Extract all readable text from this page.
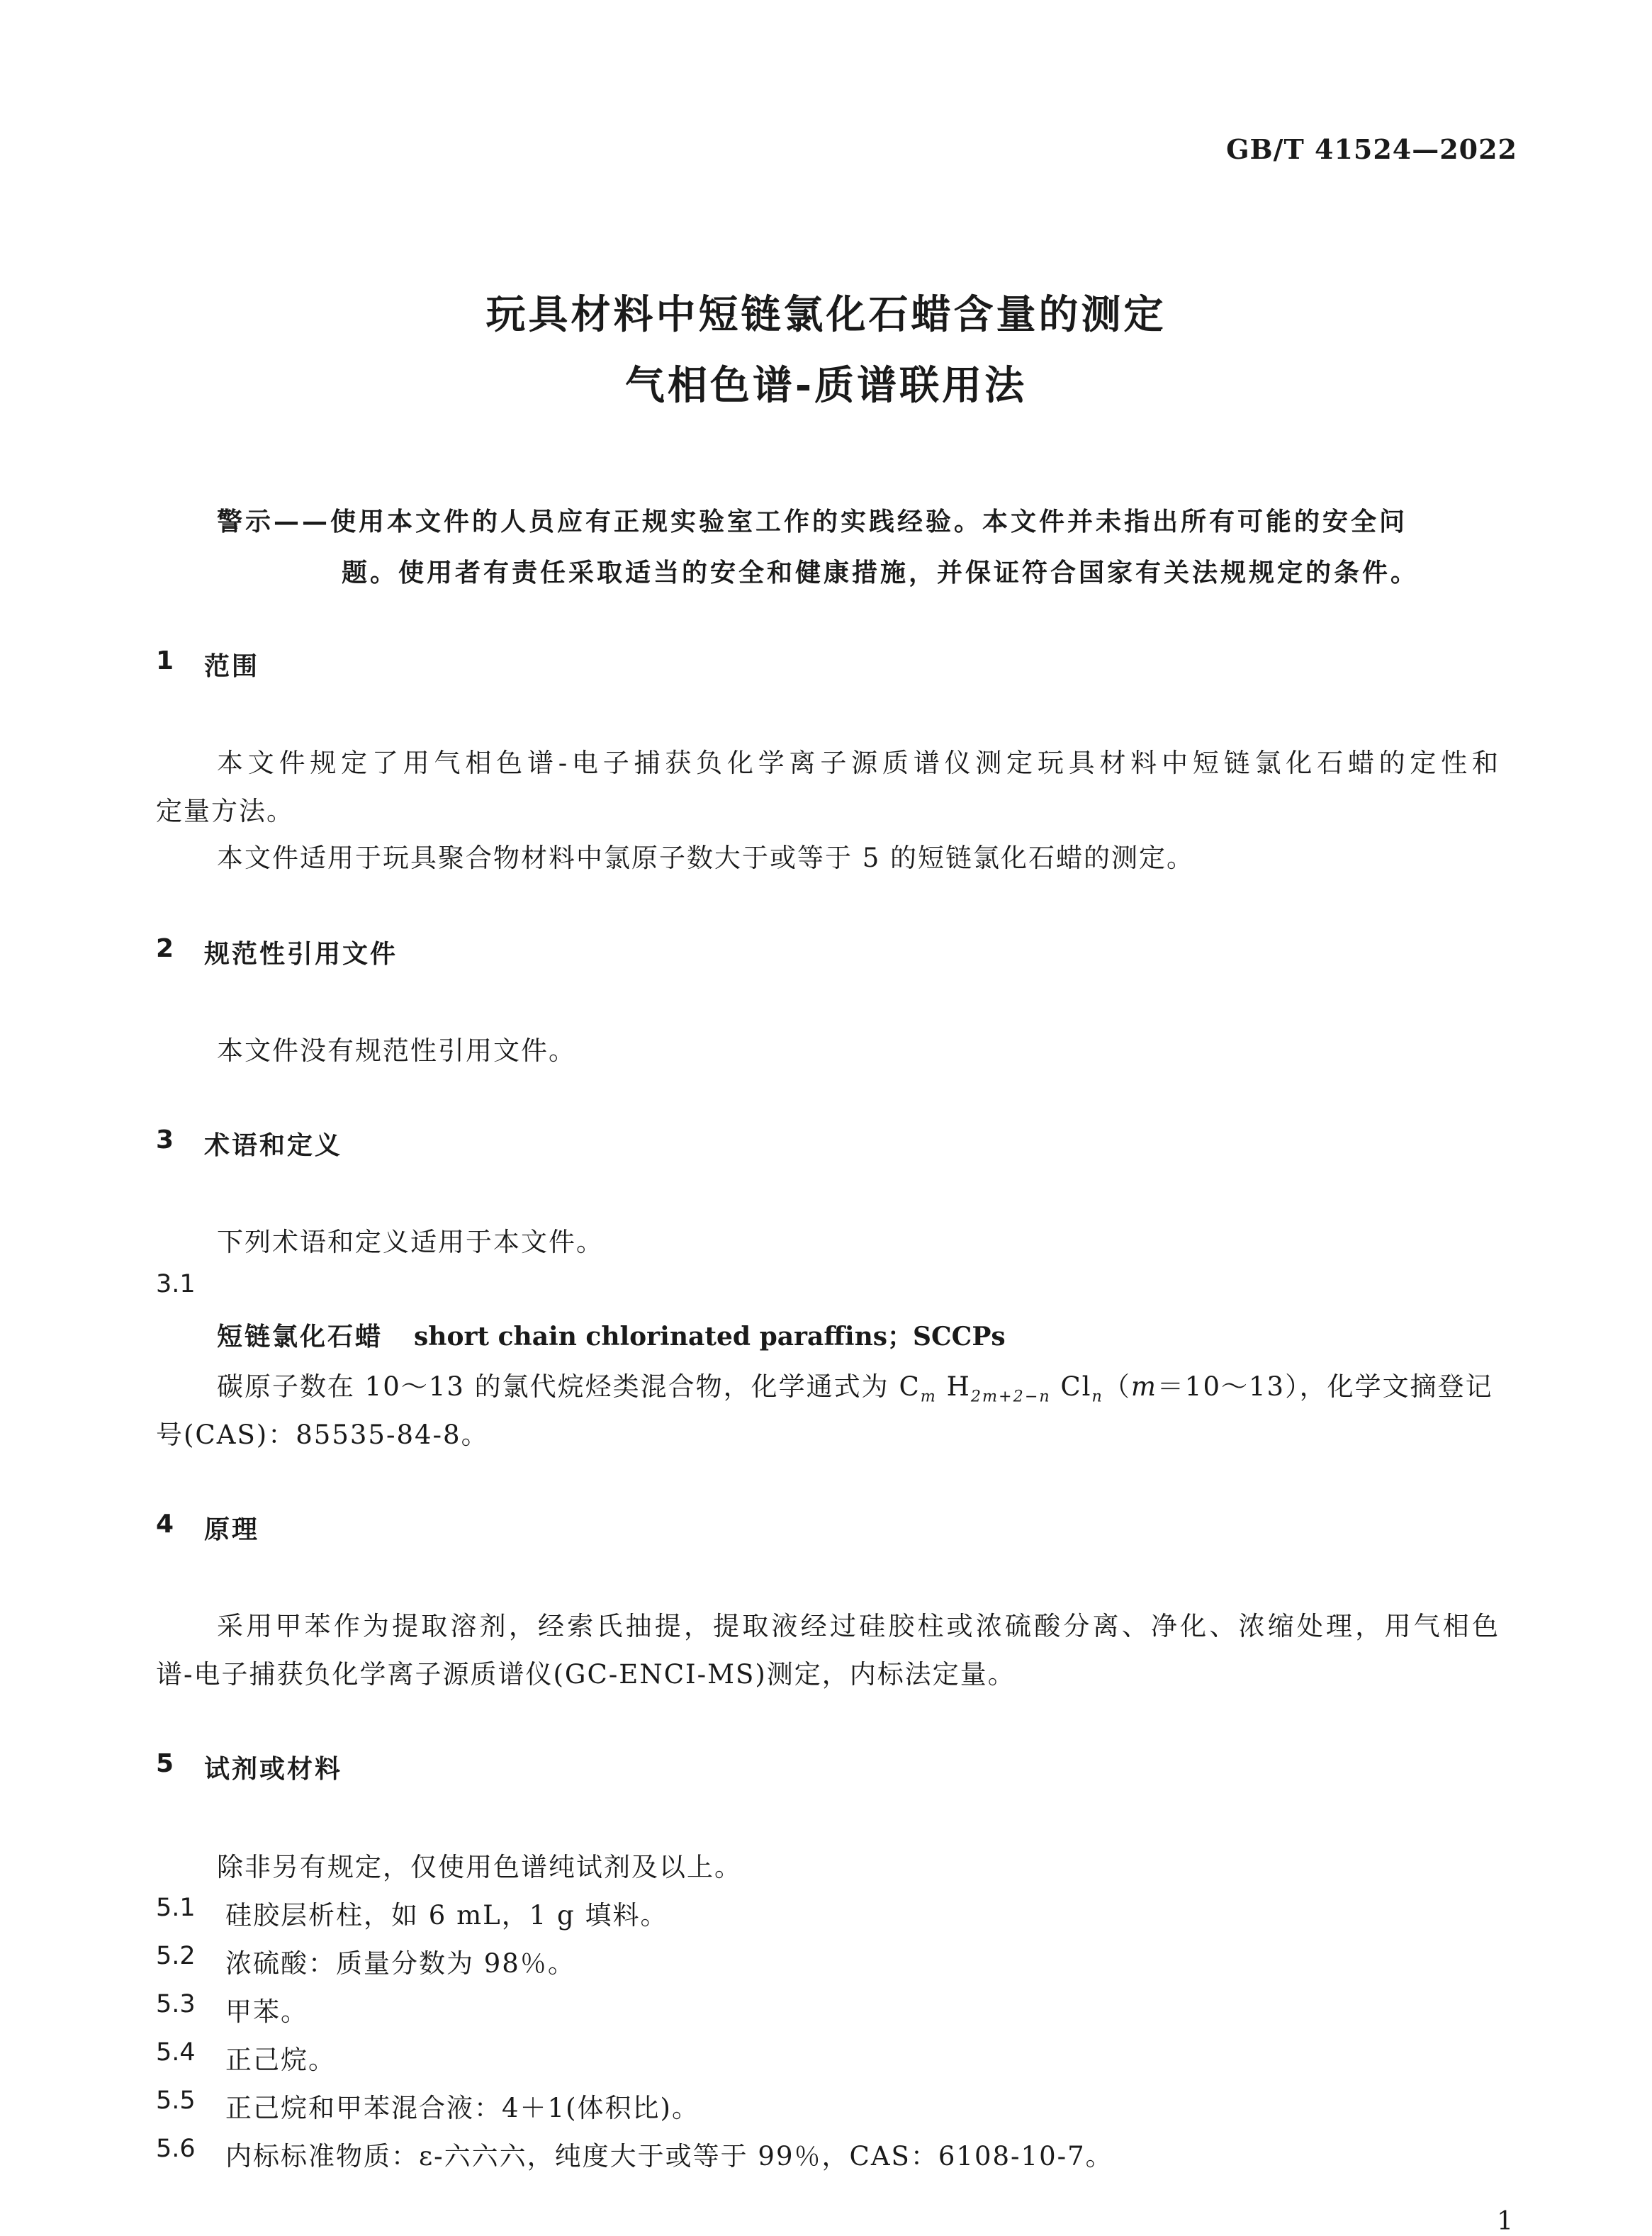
GB/T 41524—2022
玩具材料中短链氯化石蜡含量的测定
气相色谱-质谱联用法
警示——使用本文件的人员应有正规实验室工作的实践经验。本文件并未指出所有可能的安全问
题。使用者有责任采取适当的安全和健康措施，并保证符合国家有关法规规定的条件。
1 范围
本文件规定了用气相色谱-电子捕获负化学离子源质谱仪测定玩具材料中短链氯化石蜡的定性和
定量方法。
本文件适用于玩具聚合物材料中氯原子数大于或等于 5 的短链氯化石蜡的测定。
2 规范性引用文件
本文件没有规范性引用文件。
3 术语和定义
下列术语和定义适用于本文件。
3.1
短链氯化石蜡 short chain chlorinated paraffins；SCCPs
碳原子数在 10～13 的氯代烷烃类混合物，化学通式为 $C_m$ $H_{2m+2-n}$ $Cl_n(m=10\sim 13)$，化学文摘登记
号(CAS)：85535-84-8。
4 原理
采用甲苯作为提取溶剂，经索氏抽提，提取液经过硅胶柱或浓硫酸分离、净化、浓缩处理，用气相色
谱-电子捕获负化学离子源质谱仪(GC-ENCI-MS)测定，内标法定量。
5 试剂或材料
除非另有规定，仅使用色谱纯试剂及以上。
5.1 硅胶层析柱，如 6 mL，1 g 填料。
5.2 浓硫酸：质量分数为 98％。
5.3 甲苯。
5.4 正己烷。
5.5 正己烷和甲苯混合液：4＋1(体积比)。
5.6 内标标准物质：ε-六六六，纯度大于或等于 99％，CAS：6108-10-7。
1
